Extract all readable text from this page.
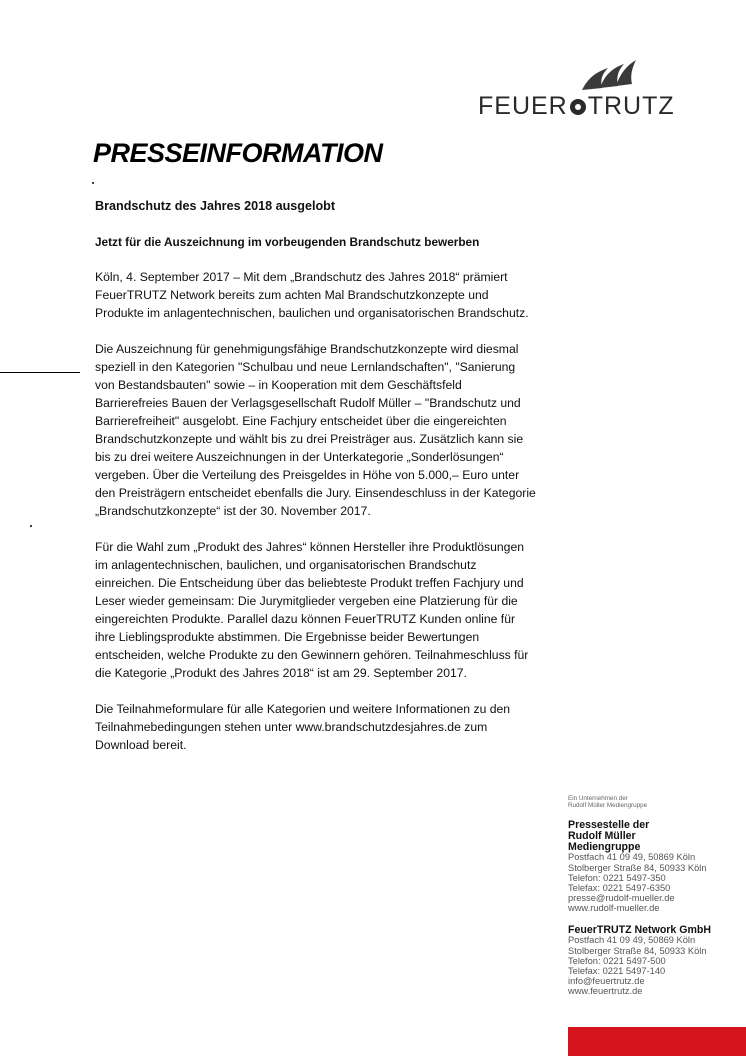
FEUER TRUTZ
PRESSEINFORMATION

Brandschutz des Jahres 2018 ausgelobt

Jetzt für die Auszeichnung im vorbeugenden Brandschutz bewerben

Köln, 4. September 2017 – Mit dem „Brandschutz des Jahres 2018“ prämiert
FeuerTRUTZ Network bereits zum achten Mal Brandschutzkonzepte und
Produkte im anlagentechnischen, baulichen und organisatorischen Brandschutz.

Die Auszeichnung für genehmigungsfähige Brandschutzkonzepte wird diesmal
speziell in den Kategorien "Schulbau und neue Lernlandschaften", "Sanierung
von Bestandsbauten" sowie – in Kooperation mit dem Geschäftsfeld
Barrierefreies Bauen der Verlagsgesellschaft Rudolf Müller – "Brandschutz und
Barrierefreiheit" ausgelobt. Eine Fachjury entscheidet über die eingereichten
Brandschutzkonzepte und wählt bis zu drei Preisträger aus. Zusätzlich kann sie
bis zu drei weitere Auszeichnungen in der Unterkategorie „Sonderlösungen“
vergeben. Über die Verteilung des Preisgeldes in Höhe von 5.000,– Euro unter
den Preisträgern entscheidet ebenfalls die Jury. Einsendeschluss in der Kategorie
„Brandschutzkonzepte“ ist der 30. November 2017.

Für die Wahl zum „Produkt des Jahres“ können Hersteller ihre Produktlösungen
im anlagentechnischen, baulichen, und organisatorischen Brandschutz
einreichen. Die Entscheidung über das beliebteste Produkt treffen Fachjury und
Leser wieder gemeinsam: Die Jurymitglieder vergeben eine Platzierung für die
eingereichten Produkte. Parallel dazu können FeuerTRUTZ Kunden online für
ihre Lieblingsprodukte abstimmen. Die Ergebnisse beider Bewertungen
entscheiden, welche Produkte zu den Gewinnern gehören. Teilnahmeschluss für
die Kategorie „Produkt des Jahres 2018“ ist am 29. September 2017.

Die Teilnahmeformulare für alle Kategorien und weitere Informationen zu den
Teilnahmebedingungen stehen unter www.brandschutzdesjahres.de zum
Download bereit.

Ein Unternehmen der
Rudolf Müller Mediengruppe
Pressestelle der
Rudolf Müller
Mediengruppe
Postfach 41 09 49, 50869 Köln
Stolberger Straße 84, 50933 Köln
Telefon: 0221 5497-350
Telefax: 0221 5497-6350
presse@rudolf-mueller.de
www.rudolf-mueller.de
FeuerTRUTZ Network GmbH
Postfach 41 09 49, 50869 Köln
Stolberger Straße 84, 50933 Köln
Telefon: 0221 5497-500
Telefax: 0221 5497-140
info@feuertrutz.de
www.feuertrutz.de
